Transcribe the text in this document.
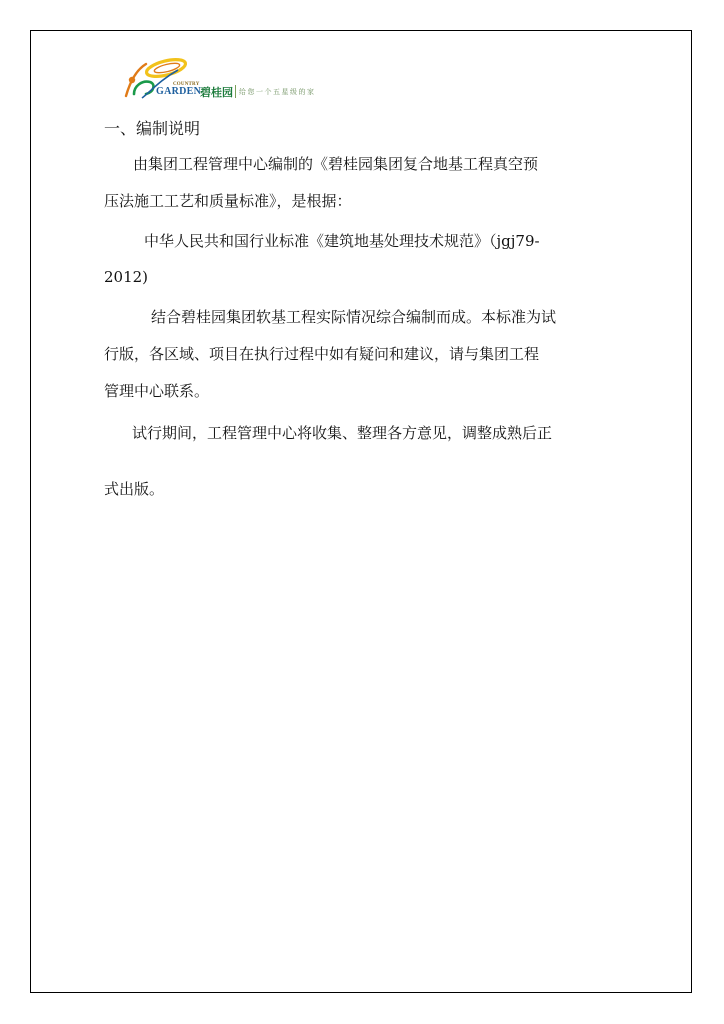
COUNTRY
GARDEN
碧桂园 给您一个五星级的家
一、编制说明
由集团工程管理中心编制的《碧桂园集团复合地基工程真空预
压法施工工艺和质量标准》，是根据：
中华人民共和国行业标准《建筑地基处理技术规范》（jgj79-
2012)
结合碧桂园集团软基工程实际情况综合编制而成。本标准为试
行版，各区域、项目在执行过程中如有疑问和建议，请与集团工程
管理中心联系。
试行期间，工程管理中心将收集、整理各方意见，调整成熟后正
式出版。
